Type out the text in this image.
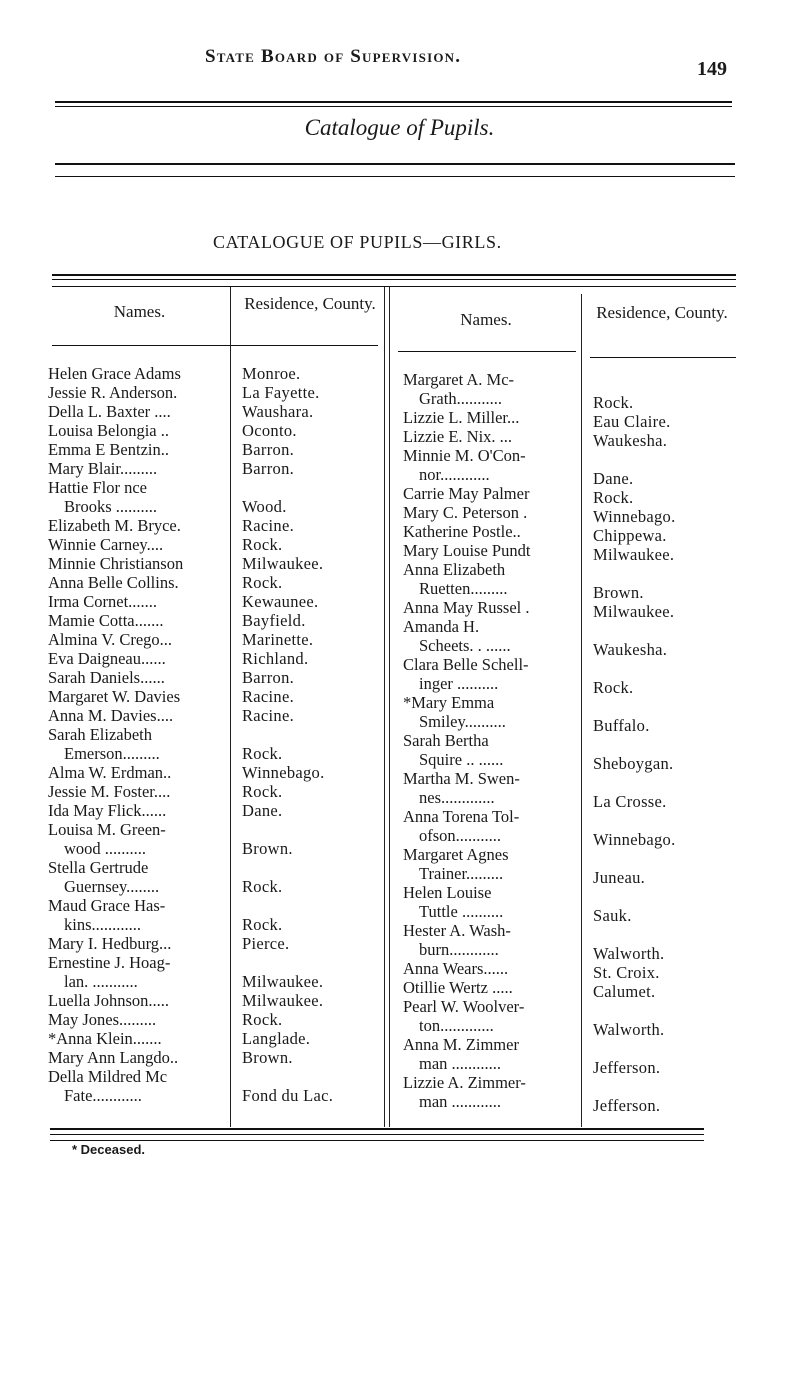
State Board of Supervision.
149
Catalogue of Pupils.
CATALOGUE OF PUPILS—GIRLS.
Names.	Residence, County.
Names.	Residence, County.
Helen Grace Adams
Jessie R. Anderson.
Della L. Baxter ....
Louisa Belongia ..
Emma E Bentzin..
Mary Blair.........
Hattie Flor nce
Brooks ..........
Elizabeth M. Bryce.
Winnie Carney....
Minnie Christianson
Anna Belle Collins.
Irma Cornet.......
Mamie Cotta.......
Almina V. Crego...
Eva Daigneau......
Sarah Daniels......
Margaret W. Davies
Anna M. Davies....
Sarah Elizabeth
Emerson.........
Alma W. Erdman..
Jessie M. Foster....
Ida May Flick......
Louisa M. Green-
wood ..........
Stella Gertrude
Guernsey........
Maud Grace Has-
kins............
Mary I. Hedburg...
Ernestine J. Hoag-
lan. ...........
Luella Johnson.....
May Jones.........
*Anna Klein.......
Mary Ann Langdo..
Della Mildred Mc
Fate............
Monroe.
La Fayette.
Waushara.
Oconto.
Barron.
Barron.
Wood.
Racine.
Rock.
Milwaukee.
Rock.
Kewaunee.
Bayfield.
Marinette.
Richland.
Barron.
Racine.
Racine.
Rock.
Winnebago.
Rock.
Dane.
Brown.
Rock.
Rock.
Pierce.
Milwaukee.
Milwaukee.
Rock.
Langlade.
Brown.
Fond du Lac.
Margaret A. Mc-
Grath...........
Lizzie L. Miller...
Lizzie E. Nix. ...
Minnie M. O'Con-
nor............
Carrie May Palmer
Mary C. Peterson .
Katherine Postle..
Mary Louise Pundt
Anna Elizabeth
Ruetten.........
Anna May Russel .
Amanda H.
Scheets. . ......
Clara Belle Schell-
inger ..........
*Mary Emma
Smiley..........
Sarah Bertha
Squire .. ......
Martha M. Swen-
nes.............
Anna Torena Tol-
ofson...........
Margaret Agnes
Trainer.........
Helen Louise
Tuttle ..........
Hester A. Wash-
burn............
Anna Wears......
Otillie Wertz .....
Pearl W. Woolver-
ton.............
Anna M. Zimmer
man ............
Lizzie A. Zimmer-
man ............
Rock.
Eau Claire.
Waukesha.
Dane.
Rock.
Winnebago.
Chippewa.
Milwaukee.
Brown.
Milwaukee.
Waukesha.
Rock.
Buffalo.
Sheboygan.
La Crosse.
Winnebago.
Juneau.
Sauk.
Walworth.
St. Croix.
Calumet.
Walworth.
Jefferson.
Jefferson.
* Deceased.
